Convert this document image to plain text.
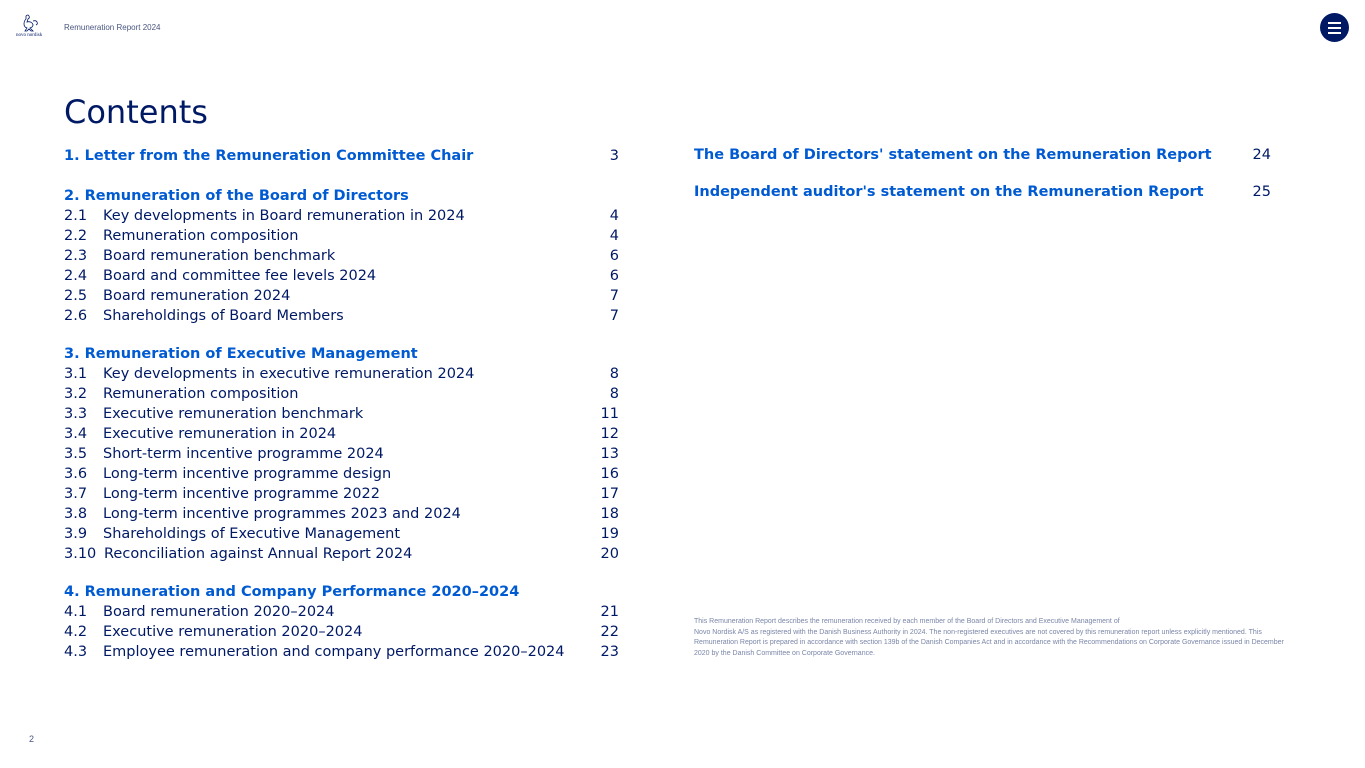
novo nordisk
Remuneration Report 2024
Contents
1. Letter from the Remuneration Committee Chair	3
2. Remuneration of the Board of Directors
2.1 Key developments in Board remuneration in 2024	4
2.2 Remuneration composition	4
2.3 Board remuneration benchmark	6
2.4 Board and committee fee levels 2024	6
2.5 Board remuneration 2024	7
2.6 Shareholdings of Board Members	7
3. Remuneration of Executive Management
3.1 Key developments in executive remuneration 2024	8
3.2 Remuneration composition	8
3.3 Executive remuneration benchmark	11
3.4 Executive remuneration in 2024	12
3.5 Short-term incentive programme 2024	13
3.6 Long-term incentive programme design	16
3.7 Long-term incentive programme 2022	17
3.8 Long-term incentive programmes 2023 and 2024	18
3.9 Shareholdings of Executive Management	19
3.10 Reconciliation against Annual Report 2024	20
4. Remuneration and Company Performance 2020–2024
4.1 Board remuneration 2020–2024	21
4.2 Executive remuneration 2020–2024	22
4.3 Employee remuneration and company performance 2020–2024 23
The Board of Directors' statement on the Remuneration Report	24
Independent auditor's statement on the Remuneration Report	25

This Remuneration Report describes the remuneration received by each member of the Board of Directors and Executive Management of

Novo Nordisk A/S as registered with the Danish Business Authority in 2024. The non-registered executives are not covered by this remuneration report unless explicitly mentioned. This Remuneration Report is prepared in accordance with section 139b of the Danish Companies Act and in accordance with the Recommendations on Corporate Governance issued in December 2020 by the Danish Committee on Corporate Governance.

2
